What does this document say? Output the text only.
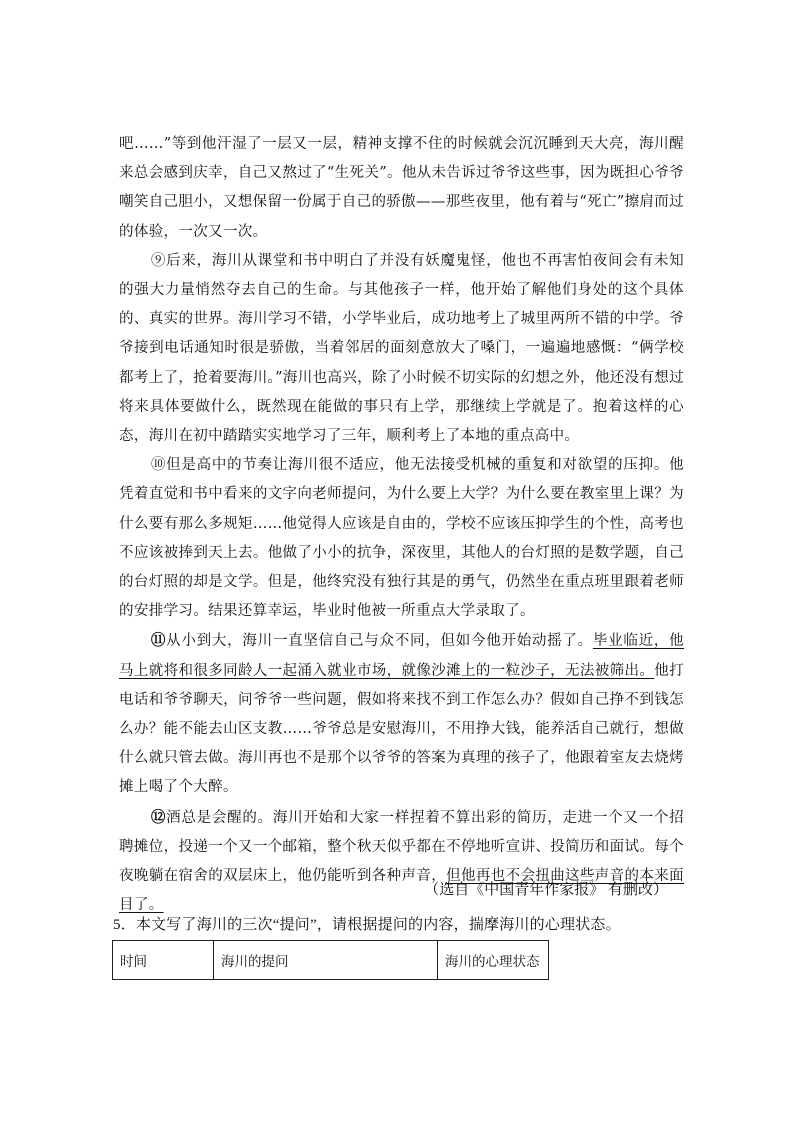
吧……”等到他汗湿了一层又一层，精神支撑不住的时候就会沉沉睡到天大亮，海川醒来总会感到庆幸，自己又熬过了“生死关”。他从未告诉过爷爷这些事，因为既担心爷爷嘲笑自己胆小，又想保留一份属于自己的骄傲——那些夜里，他有着与“死亡”擦肩而过的体验，一次又一次。

⑨后来，海川从课堂和书中明白了并没有妖魔鬼怪，他也不再害怕夜间会有未知的强大力量悄然夺去自己的生命。与其他孩子一样，他开始了解他们身处的这个具体的、真实的世界。海川学习不错，小学毕业后，成功地考上了城里两所不错的中学。爷爷接到电话通知时很是骄傲，当着邻居的面刻意放大了嗓门，一遍遍地感慨：“俩学校都考上了，抢着要海川。”海川也高兴，除了小时候不切实际的幻想之外，他还没有想过将来具体要做什么，既然现在能做的事只有上学，那继续上学就是了。抱着这样的心态，海川在初中踏踏实实地学习了三年，顺利考上了本地的重点高中。

⑩但是高中的节奏让海川很不适应，他无法接受机械的重复和对欲望的压抑。他凭着直觉和书中看来的文字向老师提问，为什么要上大学？为什么要在教室里上课？为什么要有那么多规矩……他觉得人应该是自由的，学校不应该压抑学生的个性，高考也不应该被捧到天上去。他做了小小的抗争，深夜里，其他人的台灯照的是数学题，自己的台灯照的却是文学。但是，他终究没有独行其是的勇气，仍然坐在重点班里跟着老师的安排学习。结果还算幸运，毕业时他被一所重点大学录取了。

⑪从小到大，海川一直坚信自己与众不同，但如今他开始动摇了。毕业临近，他马上就将和很多同龄人一起涌入就业市场，就像沙滩上的一粒沙子，无法被筛出。他打电话和爷爷聊天，问爷爷一些问题，假如将来找不到工作怎么办？假如自己挣不到钱怎么办？能不能去山区支教……爷爷总是安慰海川，不用挣大钱，能养活自己就行，想做什么就只管去做。海川再也不是那个以爷爷的答案为真理的孩子了，他跟着室友去烧烤摊上喝了个大醉。

⑫酒总是会醒的。海川开始和大家一样捏着不算出彩的简历，走进一个又一个招聘摊位，投递一个又一个邮箱，整个秋天似乎都在不停地听宣讲、投简历和面试。每个夜晚躺在宿舍的双层床上，他仍能听到各种声音，但他再也不会扭曲这些声音的本来面目了。

（选自《中国青年作家报》 有删改）
5．本文写了海川的三次“提问”，请根据提问的内容，揣摩海川的心理状态。
时间	海川的提问	海川的心理状态
